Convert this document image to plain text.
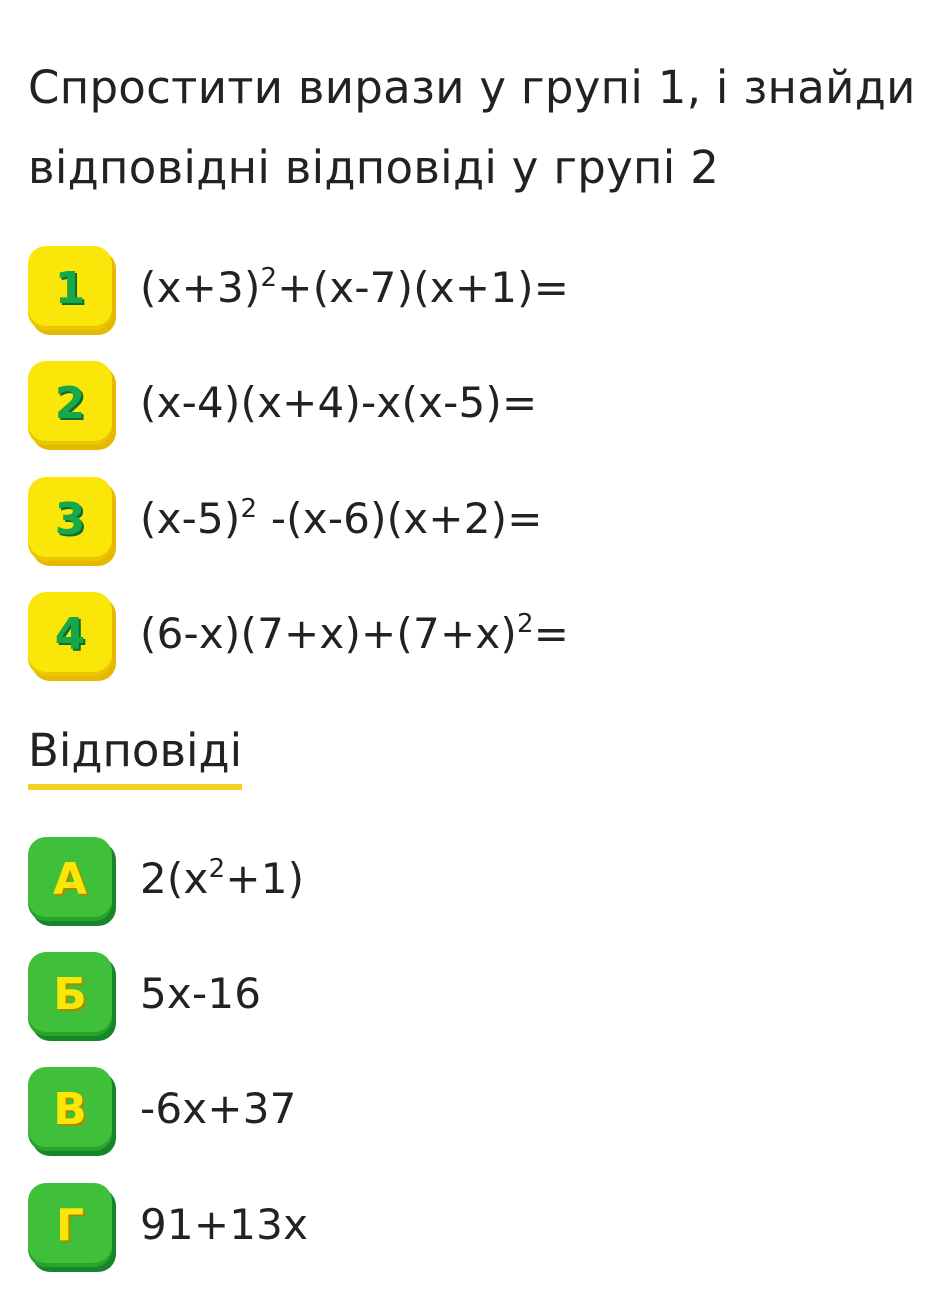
Спростити вирази у групі 1, і знайди
відповідні відповіді у групі 2
1	$(x+3)^2+(x-7)(x+1)=$
2	(x-4)(x+4)-x(x-5)=
3	$(x-5)^2$ -(x-6)(x+2)=
4	$(6-x)(7+x)+(7+x)^2=$
Відповіді
А	$2(x^2+1)$
Б	5x-16
В	-6x+37
Г	91+13x
